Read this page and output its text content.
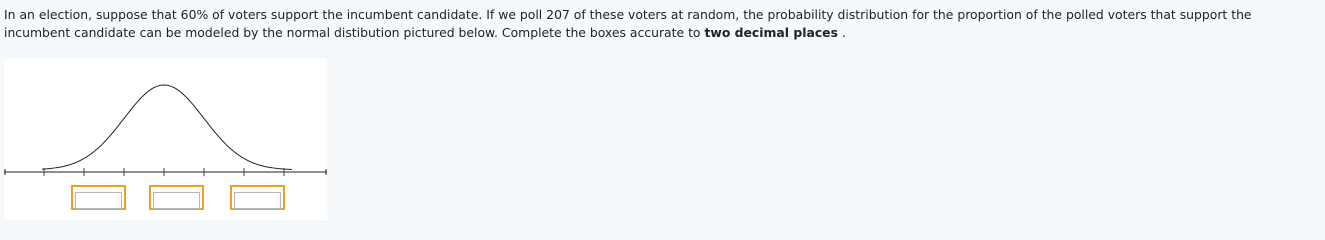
In an election, suppose that 60% of voters support the incumbent candidate. If we poll 207 of these voters at random, the probability distribution for the proportion of the polled voters that support the incumbent candidate can be modeled by the normal distibution pictured below. Complete the boxes accurate to two decimal places .
